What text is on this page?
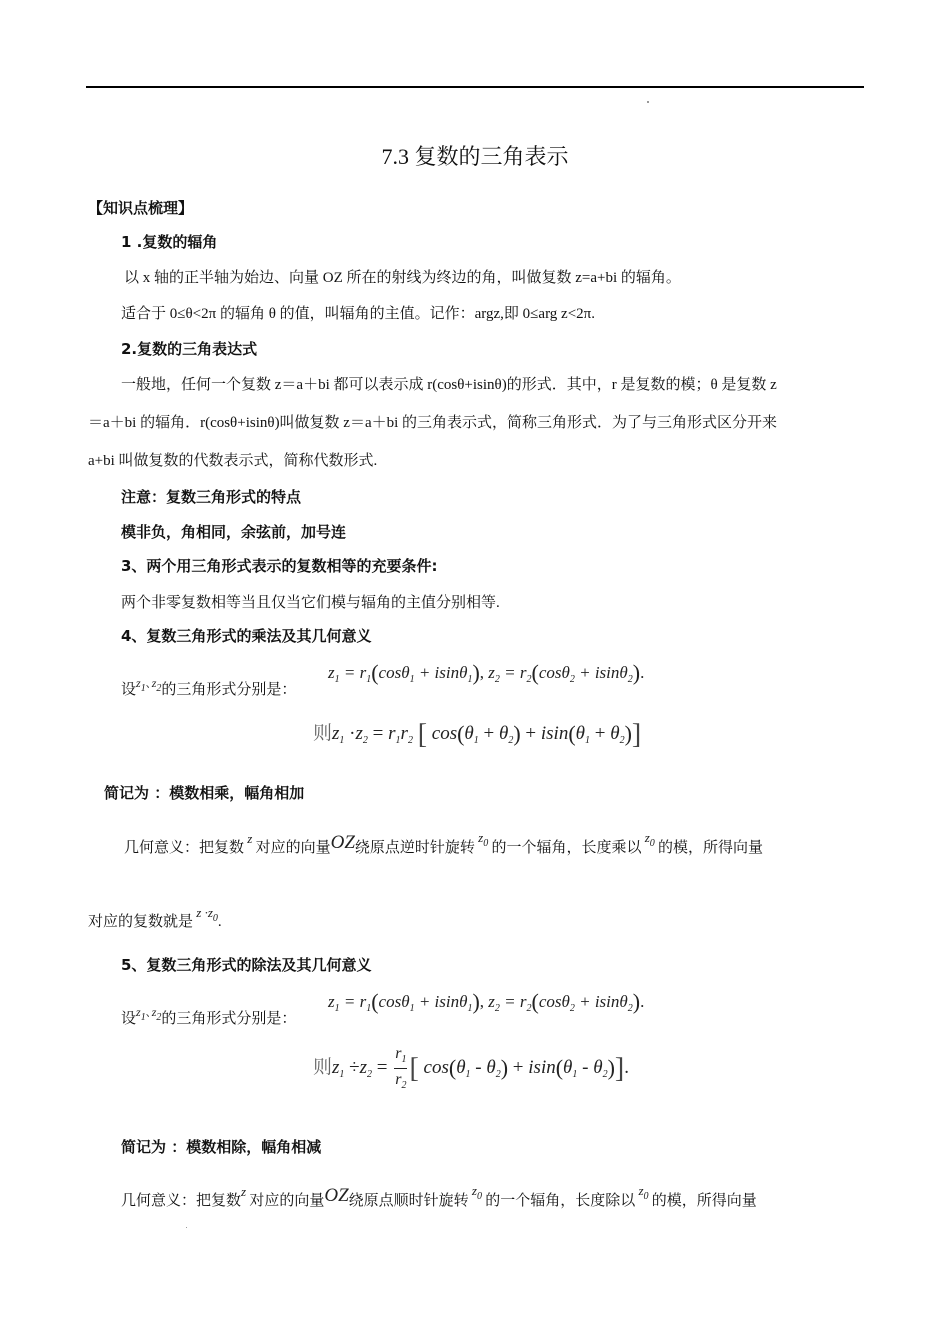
7.3 复数的三角表示
【知识点梳理】
1 .复数的辐角
以 x 轴的正半轴为始边、向量 OZ 所在的射线为终边的角，叫做复数 z=a+bi 的辐角。
适合于 0≤θ<2π 的辐角 θ 的值，叫辐角的主值。记作：argz,即 0≤arg z<2π.
2.复数的三角表达式
一般地，任何一个复数 z＝a＋bi 都可以表示成 r(cosθ+isinθ)的形式．其中，r 是复数的模；θ 是复数 z
＝a＋bi 的辐角．r(cosθ+isinθ)叫做复数 z＝a＋bi 的三角表示式，简称三角形式．为了与三角形式区分开来
a+bi 叫做复数的代数表示式，简称代数形式.
注意：复数三角形式的特点
模非负，角相同，余弦前，加号连
3、两个用三角形式表示的复数相等的充要条件:
两个非零复数相等当且仅当它们模与辐角的主值分别相等.
4、复数三角形式的乘法及其几何意义
设$^{z_1､z_2}$的三角形式分别是：
$z_1 = r_1(\cos\theta_1 + isin\theta_1)$, $z_2 = r_2(\cos\theta_2 + isin\theta_2)$.
则$z_1 \cdot z_2 = r_1r_2$ [ $\cos(\theta_1 + \theta_2) + isin(\theta_1 + \theta_2)$]
简记为 ：模数相乘，幅角相加
几何意义：把复数 z 对应的向量OZ绕原点逆时针旋转 $z_0$ 的一个辐角，长度乘以 $z_0$ 的模，所得向量
对应的复数就是 $z \cdot z_0$.
5、复数三角形式的除法及其几何意义
设$^{z_1､z_2}$的三角形式分别是：
$z_1 = r_1(\cos\theta_1 + isin\theta_1)$, $z_2 = r_2(\cos\theta_2 + isin\theta_2)$.
则$z_1 \div z_2 = \frac{r_1}{r_2}$ [ $\cos(\theta_1 - \theta_2) + isin(\theta_1 - \theta_2)$].
简记为 ：模数相除，幅角相减
几何意义：把复数z 对应的向量OZ绕原点顺时针旋转 $z_0$ 的一个辐角，长度除以 $z_0$ 的模，所得向量
